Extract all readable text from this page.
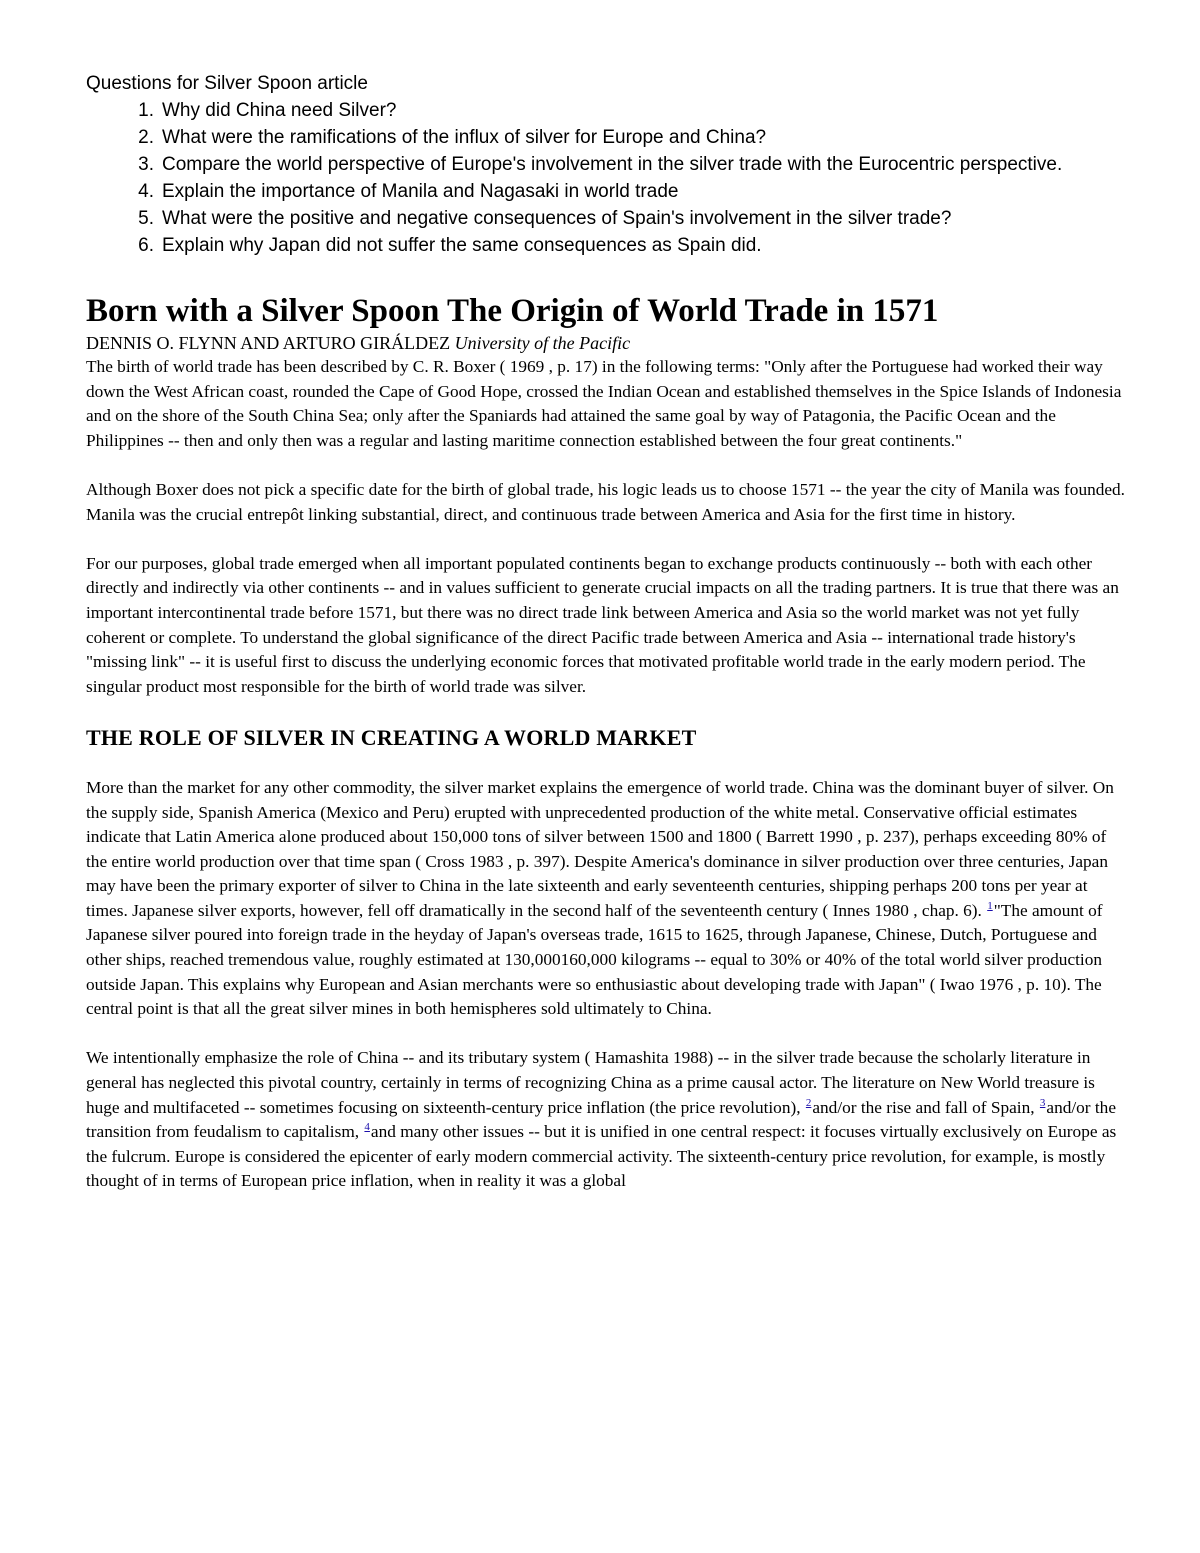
Questions for Silver Spoon article

1. Why did China need Silver?
2. What were the ramifications of the influx of silver for Europe and China?
3. Compare the world perspective of Europe's involvement in the silver trade with the Eurocentric perspective.
4. Explain the importance of Manila and Nagasaki in world trade
5. What were the positive and negative consequences of Spain's involvement in the silver trade?
6. Explain why Japan did not suffer the same consequences as Spain did.
Born with a Silver Spoon The Origin of World Trade in 1571

DENNIS O. FLYNN AND ARTURO GIRÁLDEZ University of the Pacific

The birth of world trade has been described by C. R. Boxer ( 1969 , p. 17) in the following terms: "Only after the Portuguese had worked their way down the West African coast, rounded the Cape of Good Hope, crossed the Indian Ocean and established themselves in the Spice Islands of Indonesia and on the shore of the South China Sea; only after the Spaniards had attained the same goal by way of Patagonia, the Pacific Ocean and the Philippines -- then and only then was a regular and lasting maritime connection established between the four great continents."

Although Boxer does not pick a specific date for the birth of global trade, his logic leads us to choose 1571 -- the year the city of Manila was founded. Manila was the crucial entrepôt linking substantial, direct, and continuous trade between America and Asia for the first time in history.

For our purposes, global trade emerged when all important populated continents began to exchange products continuously -- both with each other directly and indirectly via other continents -- and in values sufficient to generate crucial impacts on all the trading partners. It is true that there was an important intercontinental trade before 1571, but there was no direct trade link between America and Asia so the world market was not yet fully coherent or complete. To understand the global significance of the direct Pacific trade between America and Asia -- international trade history's "missing link" -- it is useful first to discuss the underlying economic forces that motivated profitable world trade in the early modern period. The singular product most responsible for the birth of world trade was silver.

THE ROLE OF SILVER IN CREATING A WORLD MARKET

More than the market for any other commodity, the silver market explains the emergence of world trade. China was the dominant buyer of silver. On the supply side, Spanish America (Mexico and Peru) erupted with unprecedented production of the white metal. Conservative official estimates indicate that Latin America alone produced about 150,000 tons of silver between 1500 and 1800 ( Barrett 1990 , p. 237), perhaps exceeding 80% of the entire world production over that time span ( Cross 1983 , p. 397). Despite America's dominance in silver production over three centuries, Japan may have been the primary exporter of silver to China in the late sixteenth and early seventeenth centuries, shipping perhaps 200 tons per year at times. Japanese silver exports, however, fell off dramatically in the second half of the seventeenth century ( Innes 1980 , chap. 6). $^1$"The amount of Japanese silver poured into foreign trade in the heyday of Japan's overseas trade, 1615 to 1625, through Japanese, Chinese, Dutch, Portuguese and other ships, reached tremendous value, roughly estimated at 130,000160,000 kilograms -- equal to 30% or 40% of the total world silver production outside Japan. This explains why European and Asian merchants were so enthusiastic about developing trade with Japan" ( Iwao 1976 , p. 10). The central point is that all the great silver mines in both hemispheres sold ultimately to China.

We intentionally emphasize the role of China -- and its tributary system ( Hamashita 1988) -- in the silver trade because the scholarly literature in general has neglected this pivotal country, certainly in terms of recognizing China as a prime causal actor. The literature on New World treasure is huge and multifaceted -- sometimes focusing on sixteenth-century price inflation (the price revolution), $^2$and/or the rise and fall of Spain, $^3$and/or the transition from feudalism to capitalism, $^4$and many other issues -- but it is unified in one central respect: it focuses virtually exclusively on Europe as the fulcrum. Europe is considered the epicenter of early modern commercial activity. The sixteenth-century price revolution, for example, is mostly thought of in terms of European price inflation, when in reality it was a global
